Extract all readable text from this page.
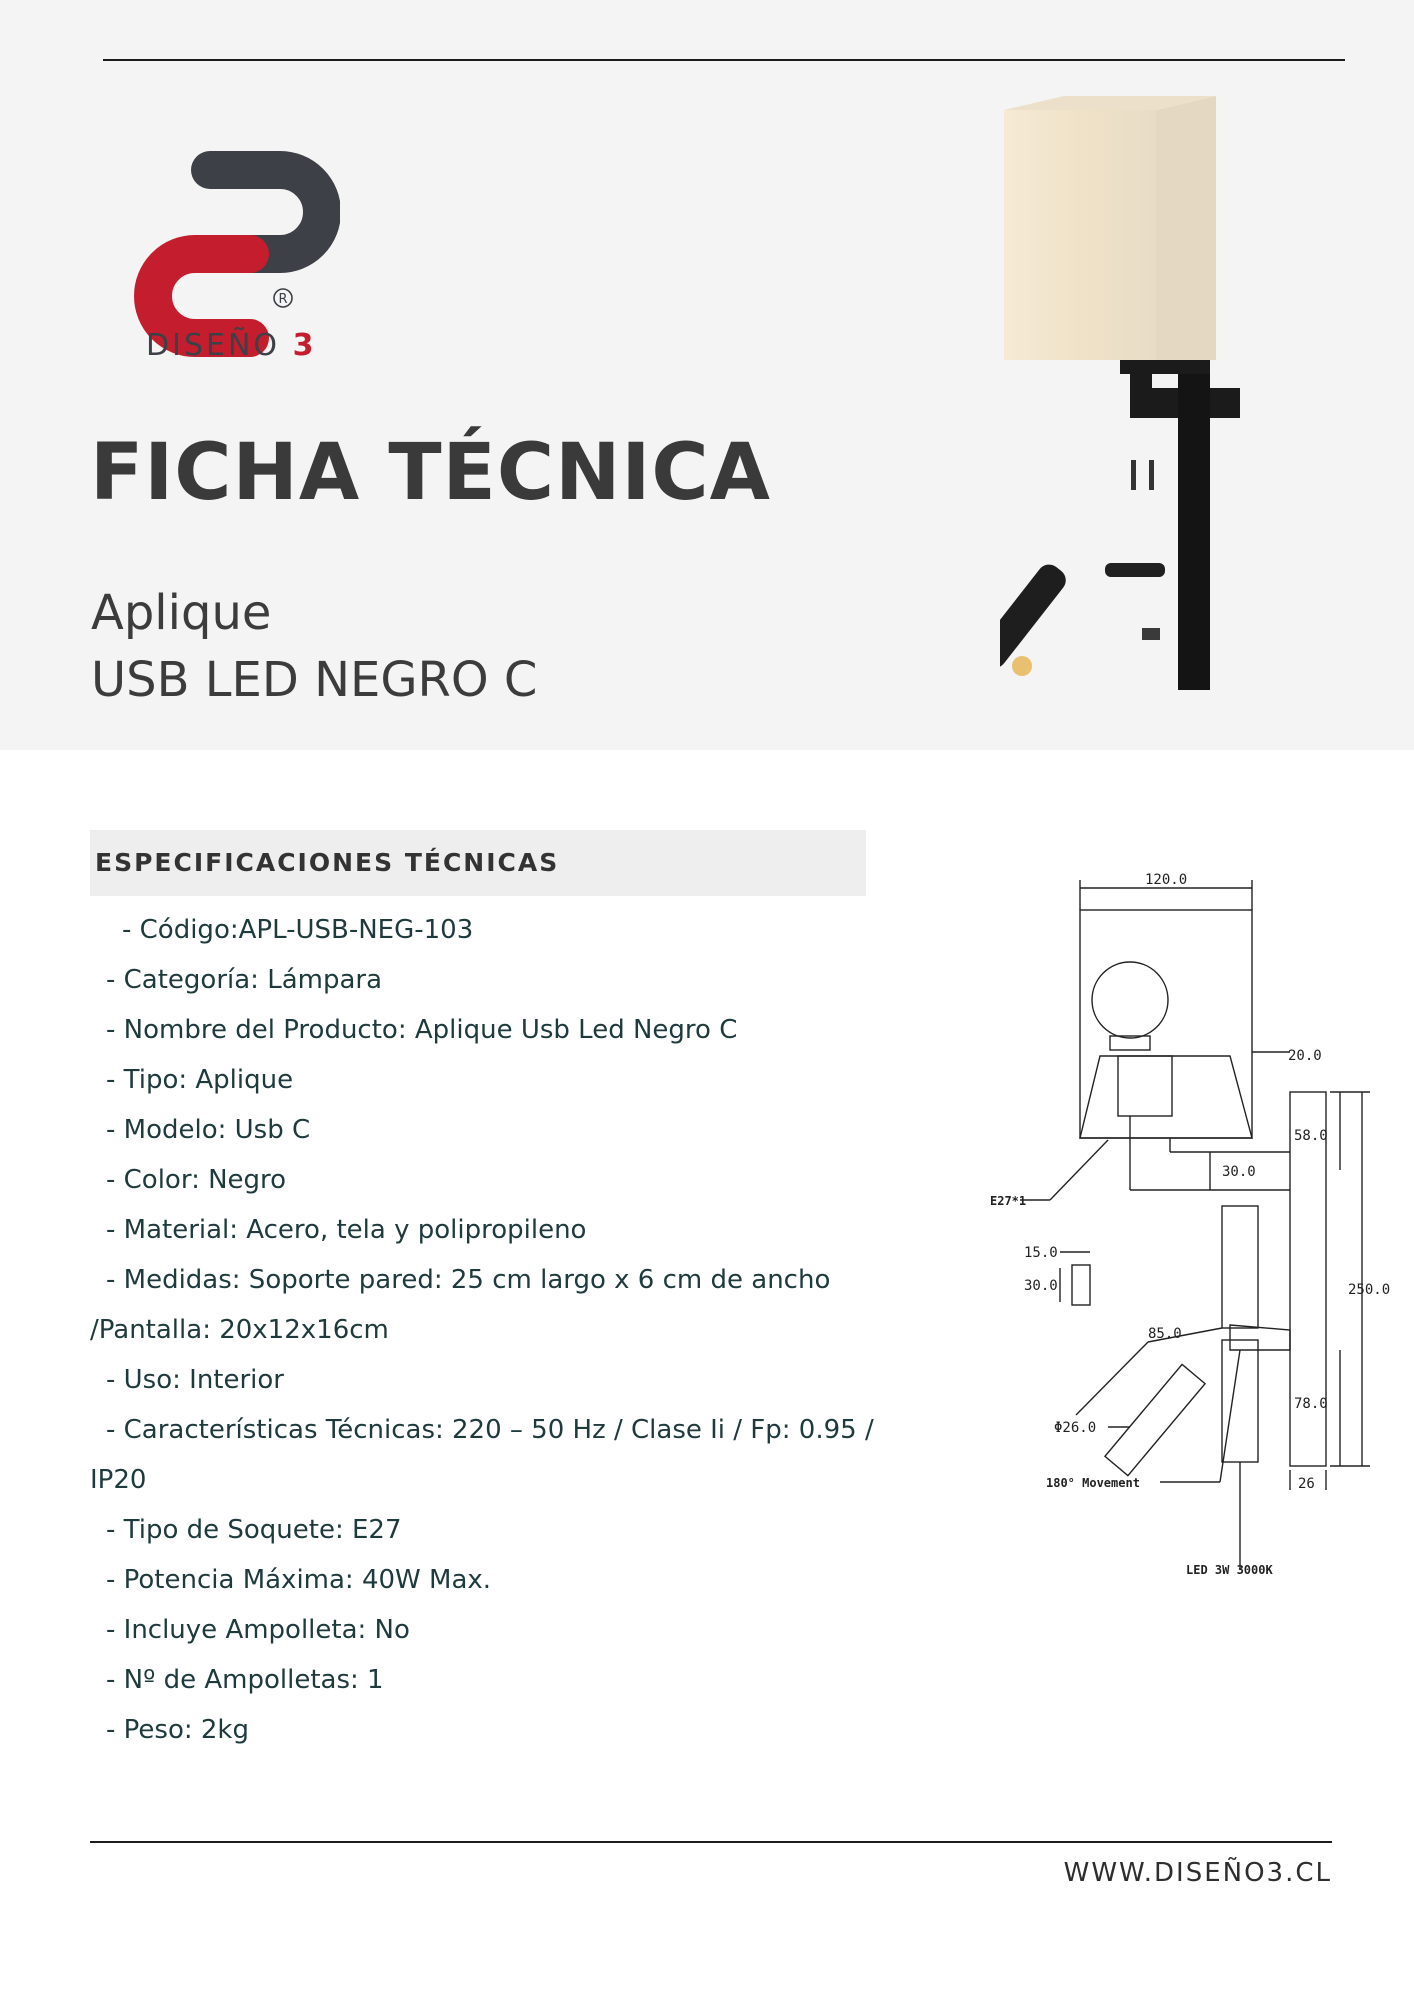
R
DISEÑO 3
FICHA TÉCNICA
Aplique
USB LED NEGRO C
ESPECIFICACIONES TÉCNICAS
- Código:APL-USB-NEG-103
- Categoría: Lámpara
- Nombre del Producto: Aplique Usb Led Negro C
- Tipo: Aplique
- Modelo: Usb C
- Color: Negro
- Material: Acero, tela y polipropileno
- Medidas: Soporte pared: 25 cm largo x 6 cm de ancho
/Pantalla: 20x12x16cm
- Uso: Interior
- Características Técnicas: 220 – 50 Hz / Clase Ii / Fp: 0.95 /
IP20
- Tipo de Soquete: E27
- Potencia Máxima: 40W Max.
- Incluye Ampolleta: No
- Nº de Ampolletas: 1
- Peso: 2kg
120.0
20.0
58.0
250.0
78.0
30.0
E27*1
15.0
30.0
85.0
Φ26.0
180° Movement	26
LED 3W 3000K
WWW.DISEÑO3.CL
